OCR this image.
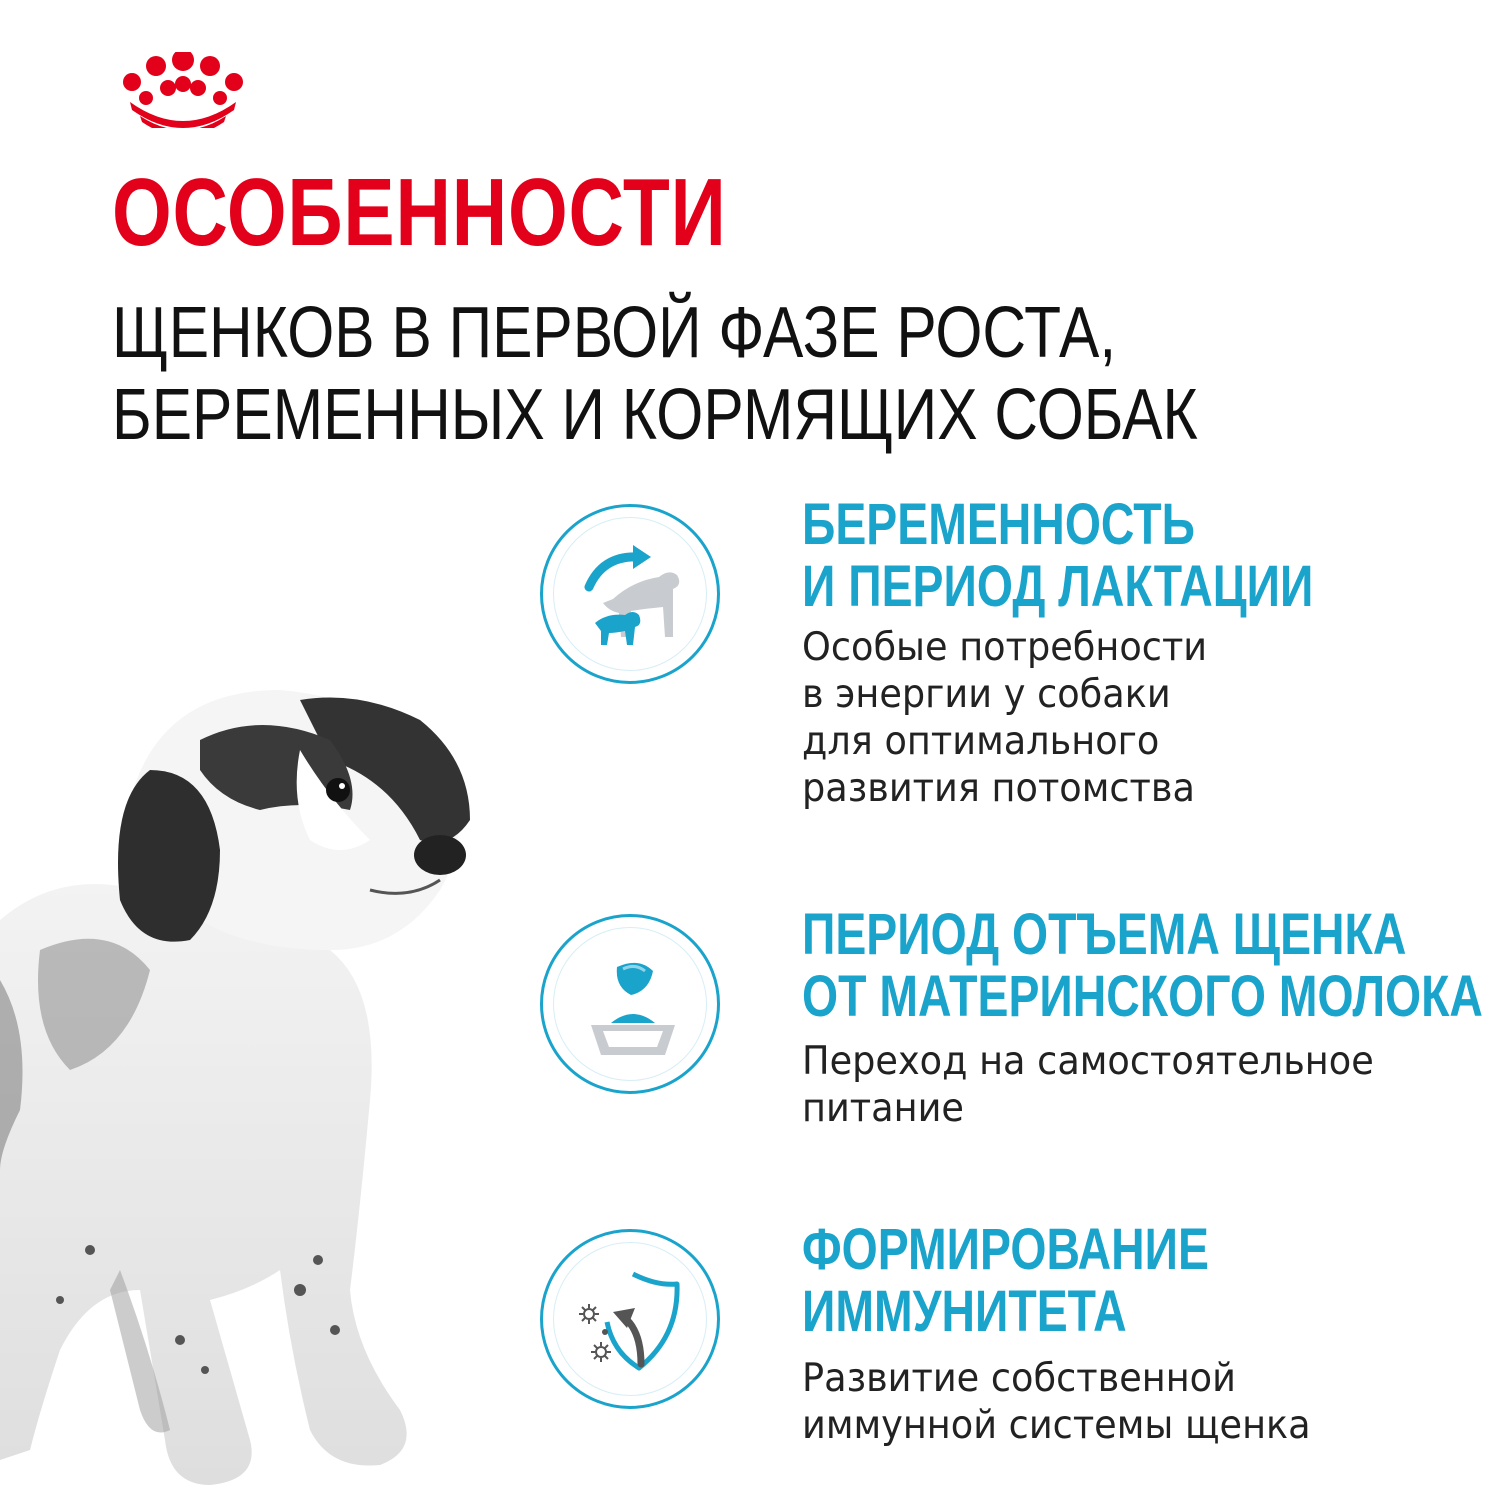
ОСОБЕННОСТИ
ЩЕНКОВ В ПЕРВОЙ ФАЗЕ РОСТА,
БЕРЕМЕННЫХ И КОРМЯЩИХ СОБАК
БЕРЕМЕННОСТЬ
И ПЕРИОД ЛАКТАЦИИ

Особые потребности
в энергии у собаки
для оптимального
развития потомства

ПЕРИОД ОТЪЕМА ЩЕНКА
ОТ МАТЕРИНСКОГО МОЛОКА

Переход на самостоятельное
питание

ФОРМИРОВАНИЕ
ИММУНИТЕТА

Развитие собственной
иммунной системы щенка
